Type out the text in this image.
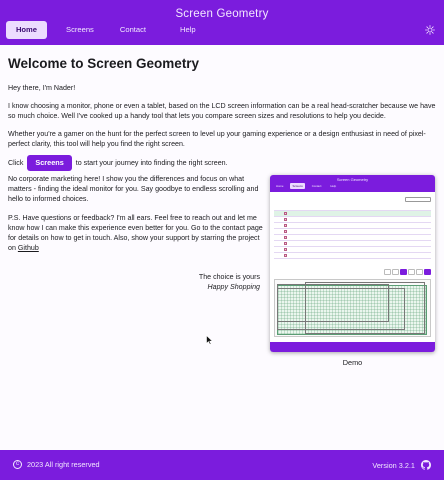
Screen Geometry
Home	Screens	Contact	Help
Welcome to Screen Geometry
Hey there, I'm Nader!
I know choosing a monitor, phone or even a tablet, based on the LCD screen information can be a real head-scratcher because we have so much choice. Well I've cooked up a handy tool that lets you compare screen sizes and resolutions to help you decide.
Whether you're a gamer on the hunt for the perfect screen to level up your gaming experience or a design enthusiast in need of pixel-perfect clarity, this tool will help you find the right screen.
Click Screens to start your journey into finding the right screen.
No corporate marketing here! I show you the differences and focus on what matters - finding the ideal monitor for you. Say goodbye to endless scrolling and hello to informed choices.
P.S. Have questions or feedback? I'm all ears. Feel free to reach out and let me know how I can make this experience even better for you. Go to the contact page for details on how to get in touch. Also, show your support by starring the project on Github
The choice is yours
Happy Shopping
Screen Geometry
Home	Screens	Contact	Help
Demo
c	2023 All right reserved	Version 3.2.1
